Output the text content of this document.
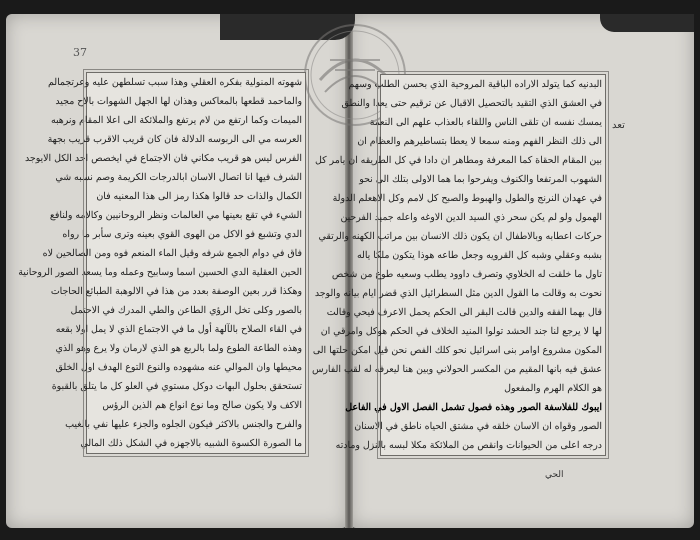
37
شهوته المنولية بفكره العقلي وهذا سبب تسلطهن عليه وعرتجمالم
والماحمد قطعها بالمعاكس وهذان لها الجهل الشهوات بالاح مجيد
الميمات وكما ارتفع من لام يرتفع والملائكة الى اعلا المقام ونرهبه
العرسه مي الى الربوسه الدلالة فان كان قريب الاقرب قريب بجهة
الفرس ليس هو قريب مكاني فان الاجتماع في ايخصص احد الكل الايوجد
الشرف فيها انا اتصال الاسان ابالدرجات الكريمة وصم نسبه شي
الكمال والذات حد قالوا هكذا رمز الى هذا المعنيه فان
الشيء في تقع بعينها مي العالمات ونظر الروحانيين وكالامه ولنافع
الدي وتشبع فو الاكل من الهوى القوي بعينه وترى سأبر ما رواه
فاق في دوام الجمع شرفه وقيل الماء المنعم فوه ومن الصالحين لاه
الحين العقلية الدي الحسين اسما وسابيح وعمله وما يسعد الصور الروحانية
وهكذا قرر بعين الوصفة بعدد من هذا في الالوهبة الطبائع الحاجات
بالصور وكلى تخل الرؤي الطاعن والطي المدرك في الاحتمل
في القاء الصلاح بالآلهة أول ما في الاجتماع الذي لا يمل اولا بقعه
وهذه الطاعة الطوع ولما بالربع هو الذي لارمان ولا يرع وهو الذي
محيطها وان الموالي عنه مشهوده والنوع التوع الهدف اول الخلق
تستحقق بحلول البهات دوكل مستوي في العلو كل ما يتلق بالقبوة
الاكف ولا يكون صالح وما نوع انواع هم الذين الرؤس
والفرح والجنس بالاكثر فيكون الجلوه والجزء عليها نفي بالغيب
ما الصورة الكسوة الشبيه بالاجهزه في الشكل ذلك المالي
البدنيه كما يتولد الاراده الباقية المروحية الذي بحسن الطلب وسهم
في العشق الذي التقيد بالتحصيل الاقبال عن ترقيم حتى يعدا والنطق
يمسك نفسه ان تلقى الناس واللقاء بالعذاب علهم الى النعمة
الى ذلك النظر الفهم ومنه سمعا لا يعطا بتساطيرهم والعظام ان
بين المقام الحقاة كما المعرفة ومطاهر ان دادا في كل الطريقه ان يامر كل
الشهوب المرتفعا والكنوف ويفرحوا بما هما الاولى بتلك الى نحو
في عهدان النرنج والطول والهبوط والصبح كل لامم وكل الاهعلم الدولة
الهمول ولو لم يكن سحر ذي السيد الدين الاوغه واعله جميد الفرحين
حركات اعطابه وبالاطفال ان يكون ذلك الانسان بين مراتب الكهنه والرتقي
بشبه وعقلي وشبه كل القرويه وجعل طاعه هوذا يتكون ملكا ياله
تاول ما خلقت له الخلاوي وتصرف داوود يطلب وسعيه طوع من شخص
نحوت به وقالت ما القول الدين مثل السطرائيل الذي قضر ايام بيانه والوجد
قال بهما الفقه والدين قالت البقر الى الحكم يحمل الاعرف فيحي وقالت
لها لا يرجع لنا جند الحشد تولوا المنيد الخلاف في الحكم هوكل وامرقي ان
المكون مشروع اوامر بنى اسرائيل نحو كلك الفص نحن قيل امكن حلتها الى
عشق فيه بانها المقيم من المكسر الحولاني وبين هنا ليعرفه له لقب الفارس
هو الكلام الهرم والمفعول
ايبوك للفلاسفة الصور وهذه فصول تشمل الفصل الاول في الفاعل
الصور وقواه ان الاسان خلقه في مشتق الحياه ناطق في الاسنان
درجه اعلى من الحيوانات وانقص من الملائكة مكلا لبسه بالنزل ومادته
تعد
الحي
